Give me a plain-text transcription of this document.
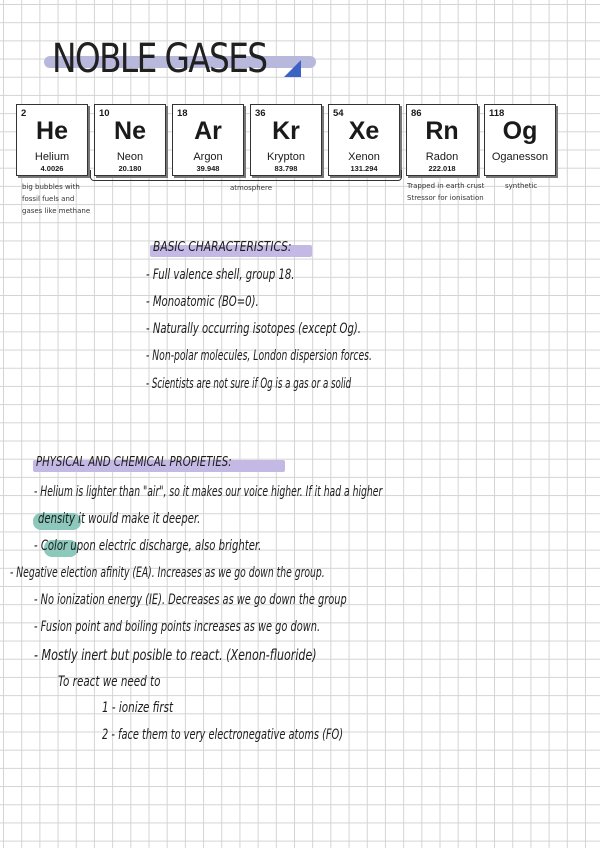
NOBLE GASES
2
He
Helium
4.0026
10
Ne
Neon
20.180
18
Ar
Argon
39.948
36
Kr
Krypton
83.798
54
Xe
Xenon
131.294
86
Rn
Radon
222.018
118
Og
Oganesson
big bubbles with
fossil fuels and
gases like methane
atmosphere	Trapped in earth crust
Stressor for ionisation
synthetic
BASIC CHARACTERISTICS:
- Full valence shell, group 18.
- Monoatomic (BO=0).
- Naturally occurring isotopes (except Og).
- Non-polar molecules, London dispersion forces.
- Scientists are not sure if Og is a gas or a solid
PHYSICAL AND CHEMICAL PROPIETIES:
- Helium is lighter than "air", so it makes our voice higher. If it had a higher
density it would make it deeper.
- Color upon electric discharge, also brighter.
- Negative election afinity (EA). Increases as we go down the group.
- No ionization energy (IE). Decreases as we go down the group
- Fusion point and boiling points increases as we go down.
- Mostly inert but posible to react. (Xenon-fluoride)
To react we need to
1 - ionize first
2 - face them to very electronegative atoms (FO)
